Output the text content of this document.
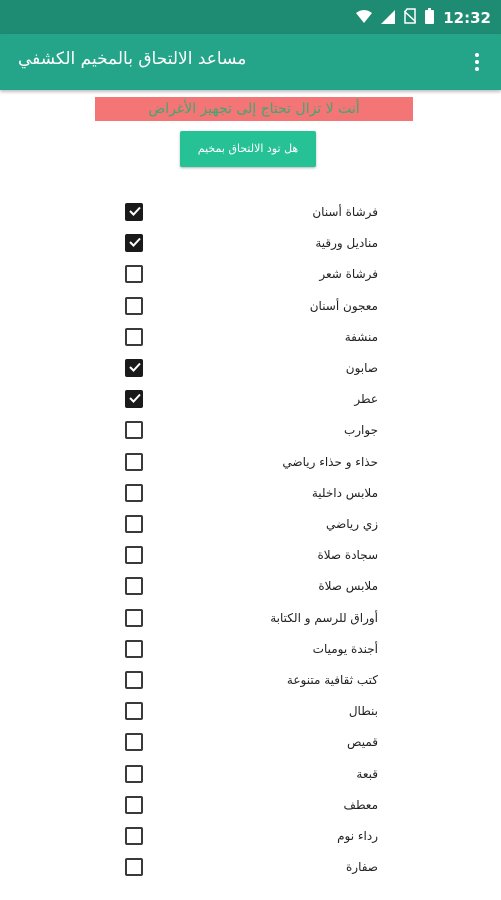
12:32
مساعد الالتحاق بالمخيم الكشفي
أنت لا تزال تحتاج إلى تجهيز الأغراض
هل تود الالتحاق بمخيم
فرشاة أسنان
مناديل ورقية
فرشاة شعر
معجون أسنان
منشفة
صابون
عطر
جوارب
حذاء و حذاء رياضي
ملابس داخلية
زي رياضي
سجادة صلاة
ملابس صلاة
أوراق للرسم و الكتابة
أجندة يوميات
كتب ثقافية متنوعة
بنطال
قميص
قبعة
معطف
رداء نوم
صفارة
